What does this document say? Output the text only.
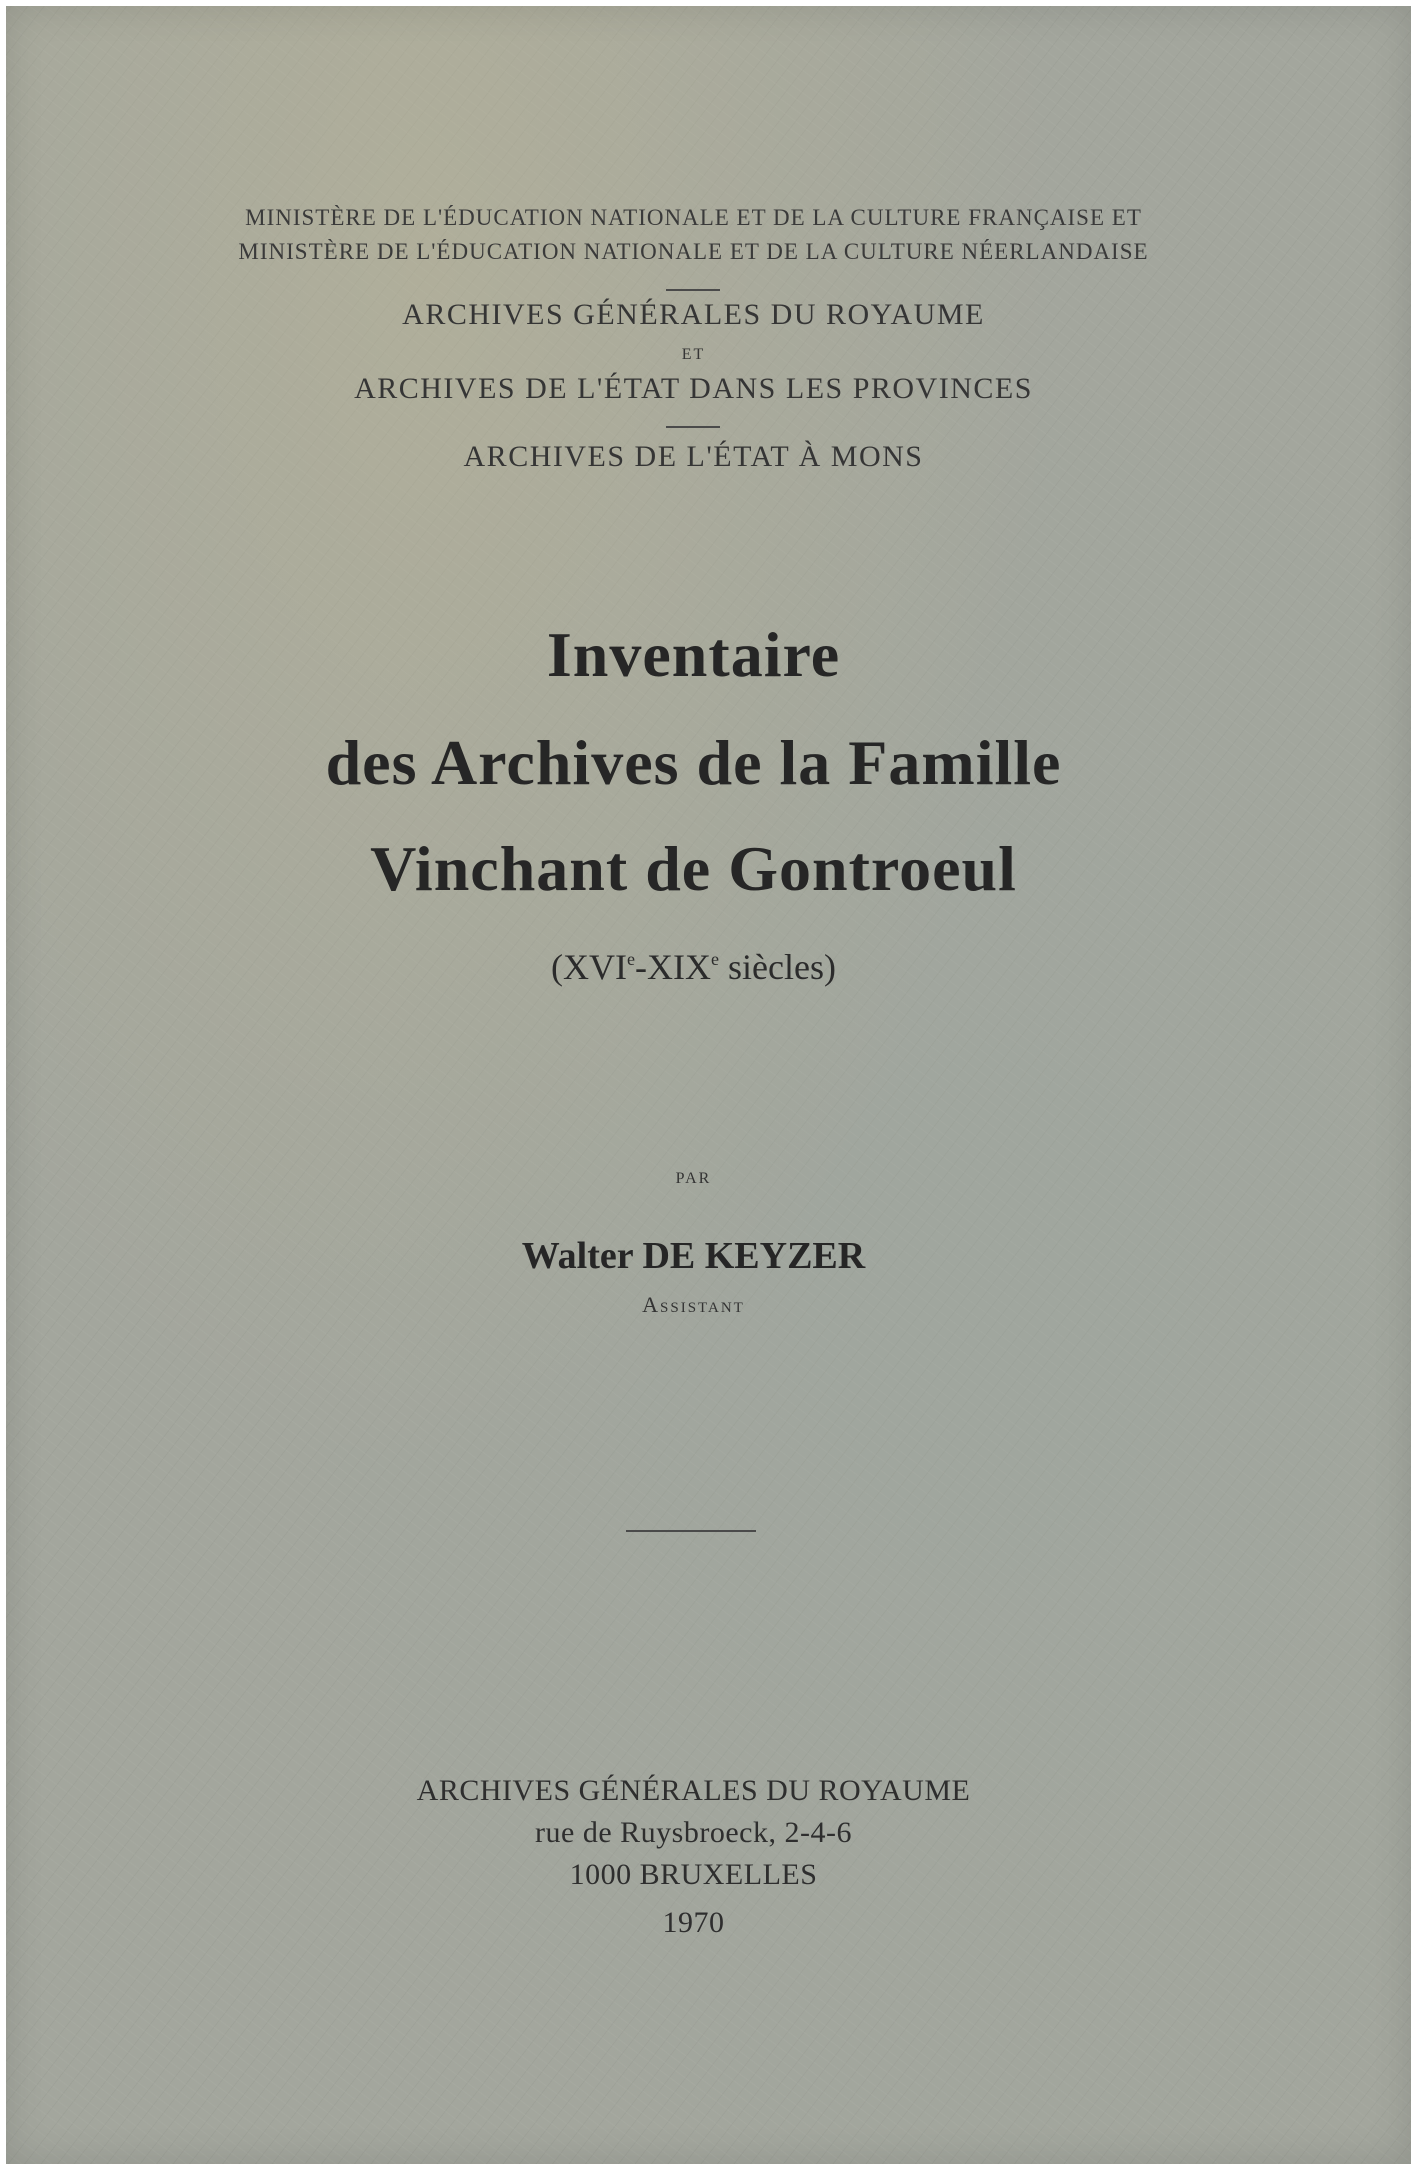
MINISTÈRE DE L'ÉDUCATION NATIONALE ET DE LA CULTURE FRANÇAISE ET
MINISTÈRE DE L'ÉDUCATION NATIONALE ET DE LA CULTURE NÉERLANDAISE
ARCHIVES GÉNÉRALES DU ROYAUME
ET
ARCHIVES DE L'ÉTAT DANS LES PROVINCES
ARCHIVES DE L'ÉTAT À MONS
Inventaire
des Archives de la Famille
Vinchant de Gontroeul
(XVIe-XIXe siècles)
PAR
Walter DE KEYZER
Assistant
ARCHIVES GÉNÉRALES DU ROYAUME
rue de Ruysbroeck, 2-4-6
1000 BRUXELLES
1970
